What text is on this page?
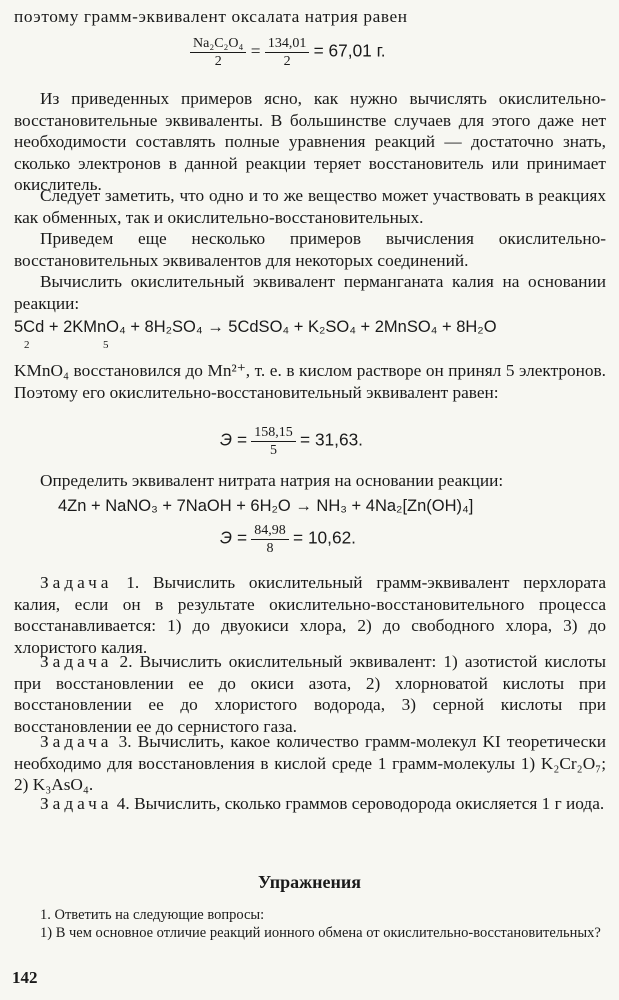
поэтому грамм-эквивалент оксалата натрия равен
$\frac{\text{Na₂C₂O₄}}{2} = \frac{134,01}{2} = 67,01$ г.

Из приведенных примеров ясно, как нужно вычислять окислительно-восстановительные эквиваленты. В большинстве случаев для этого даже нет необходимости составлять полные уравнения реакций — достаточно знать, сколько электронов в данной реакции теряет восстановитель или принимает окислитель.

Следует заметить, что одно и то же вещество может участвовать в реакциях как обменных, так и окислительно-восстановительных.

Приведем еще несколько примеров вычисления окислительно-восстановительных эквивалентов для некоторых соединений.

Вычислить окислительный эквивалент перманганата калия на основании реакции:

5Cd + 2KMnO₄ + 8H₂SO₄ → 5CdSO₄ + K₂SO₄ + 2MnSO₄ + 8H₂O
2	5

KMnO₄ восстановился до Mn²⁺, т. е. в кислом растворе он принял 5 электронов. Поэтому его окислительно-восстановительный эквивалент равен:

$Э = \frac{158,15}{5} = 31,63$.

Определить эквивалент нитрата натрия на основании реакции:

4Zn + NaNO₃ + 7NaOH + 6H₂O → NH₃ + 4Na₂[Zn(OH)₄]
$Э = \frac{84,98}{8} = 10,62$.

Задача 1. Вычислить окислительный грамм-эквивалент перхлората калия, если он в результате окислительно-восстановительного процесса восстанавливается: 1) до двуокиси хлора, 2) до свободного хлора, 3) до хлористого калия.

Задача 2. Вычислить окислительный эквивалент: 1) азотистой кислоты при восстановлении ее до окиси азота, 2) хлорноватой кислоты при восстановлении ее до хлористого водорода, 3) серной кислоты при восстановлении ее до сернистого газа.

Задача 3. Вычислить, какое количество грамм-молекул KI теоретически необходимо для восстановления в кислой среде 1 грамм-молекулы 1) K₂Cr₂O₇; 2) K₃AsO₄.

Задача 4. Вычислить, сколько граммов сероводорода окисляется 1 г иода.

Упражнения

1. Ответить на следующие вопросы:

1) В чем основное отличие реакций ионного обмена от окислительно-восстановительных?

142
